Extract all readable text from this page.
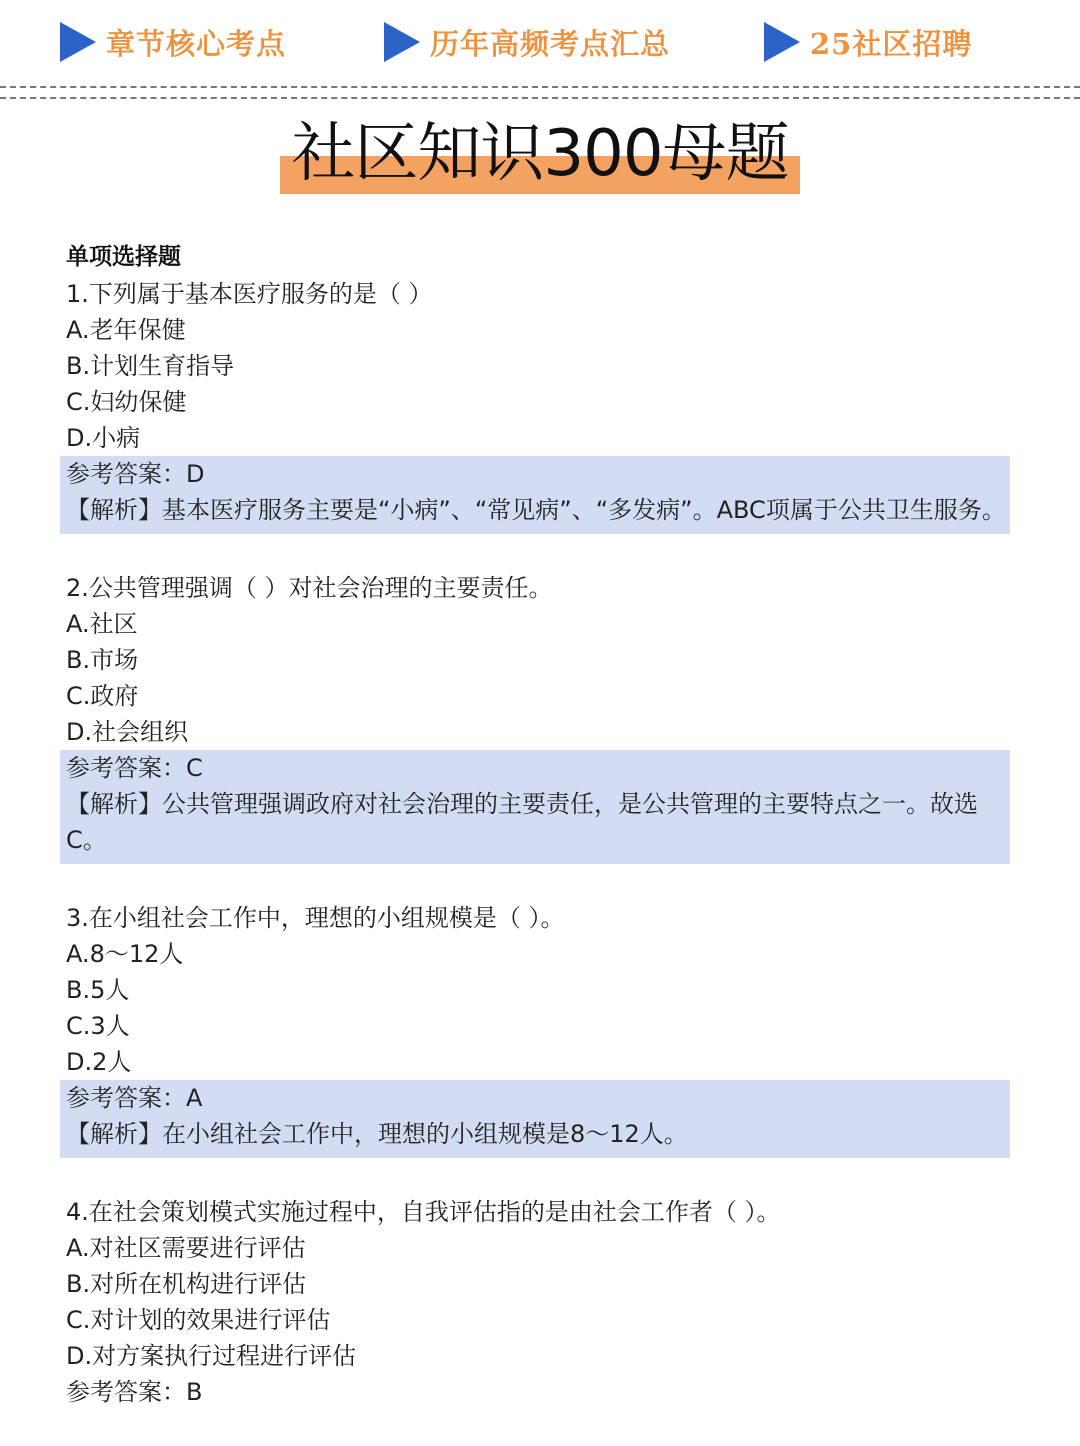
章节核心考点	历年高频考点汇总	25社区招聘
社区知识300母题
单项选择题
1.下列属于基本医疗服务的是（ ）
A.老年保健
B.计划生育指导
C.妇幼保健
D.小病
参考答案：D
【解析】基本医疗服务主要是“小病”、“常见病”、“多发病”。ABC项属于公共卫生服务。
2.公共管理强调（ ）对社会治理的主要责任。
A.社区
B.市场
C.政府
D.社会组织
参考答案：C
【解析】公共管理强调政府对社会治理的主要责任，是公共管理的主要特点之一。故选C。
3.在小组社会工作中，理想的小组规模是（ ）。
A.8～12人
B.5人
C.3人
D.2人
参考答案：A
【解析】在小组社会工作中，理想的小组规模是8～12人。
4.在社会策划模式实施过程中，自我评估指的是由社会工作者（ ）。
A.对社区需要进行评估
B.对所在机构进行评估
C.对计划的效果进行评估
D.对方案执行过程进行评估
参考答案：B
